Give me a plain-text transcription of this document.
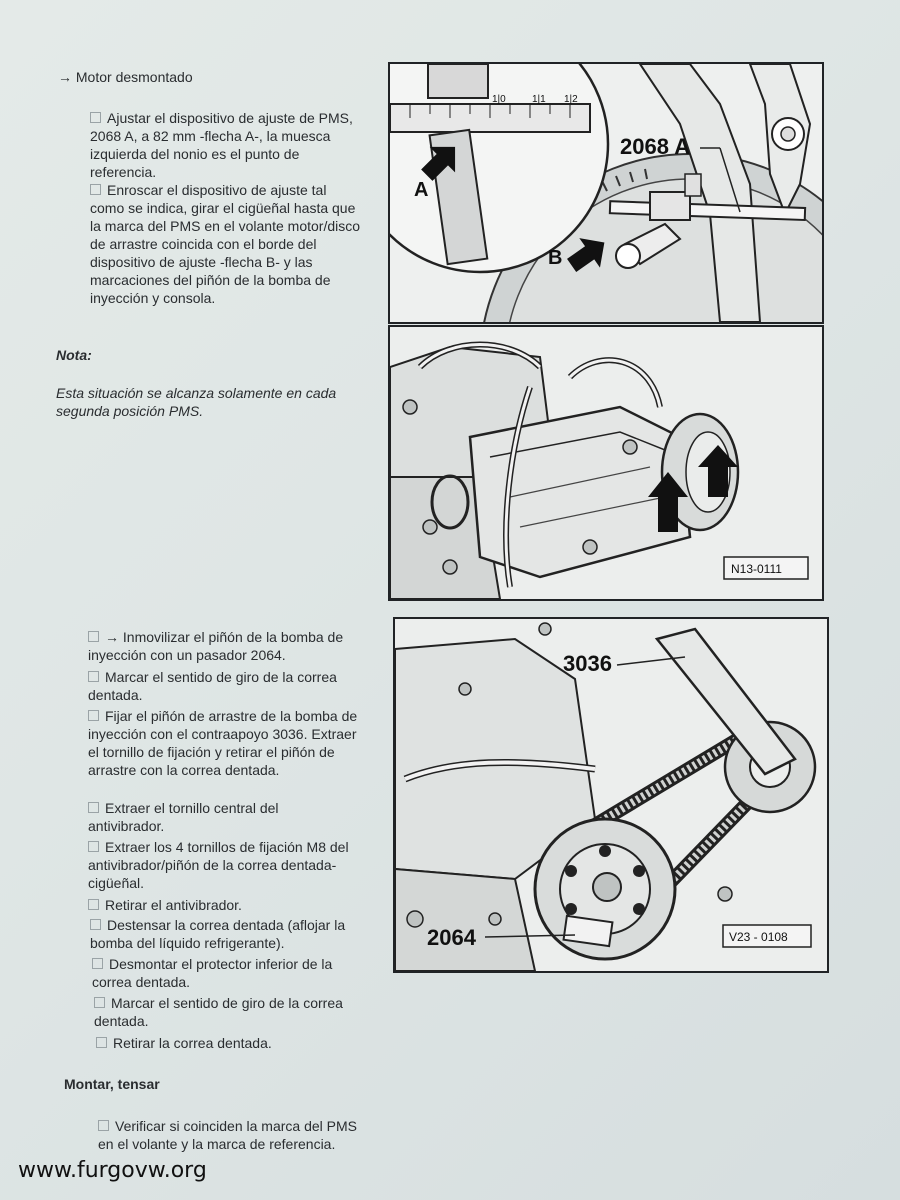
→ Motor desmontado
Ajustar el dispositivo de ajuste de PMS, 2068 A, a 82 mm -flecha A-, la muesca izquierda del nonio es el punto de referencia.
Enroscar el dispositivo de ajuste tal como se indica, girar el cigüeñal hasta que la marca del PMS en el volante motor/disco de arrastre coincida con el borde del dispositivo de ajuste -flecha B- y las marcaciones del piñón de la bomba de inyección y consola.
Nota:
Esta situación se alcanza solamente en cada segunda posición PMS.
→ Inmovilizar el piñón de la bomba de inyección con un pasador 2064.
Marcar el sentido de giro de la correa dentada.
Fijar el piñón de arrastre de la bomba de inyección con el contraapoyo 3036. Extraer el tornillo de fijación y retirar el piñón de arrastre con la correa dentada.
Extraer el tornillo central del antivibrador.
Extraer los 4 tornillos de fijación M8 del antivibrador/piñón de la correa dentada-cigüeñal.
Retirar el antivibrador.
Destensar la correa dentada (aflojar la bomba del líquido refrigerante).
Desmontar el protector inferior de la correa dentada.
Marcar el sentido de giro de la correa dentada.
Retirar la correa dentada.
Montar, tensar
Verificar si coinciden la marca del PMS en el volante y la marca de referencia.
1|0	1|1 1|2
A
B
2068 A
N13-0111
3036
2064	V23 - 0108
www.furgovw.org
